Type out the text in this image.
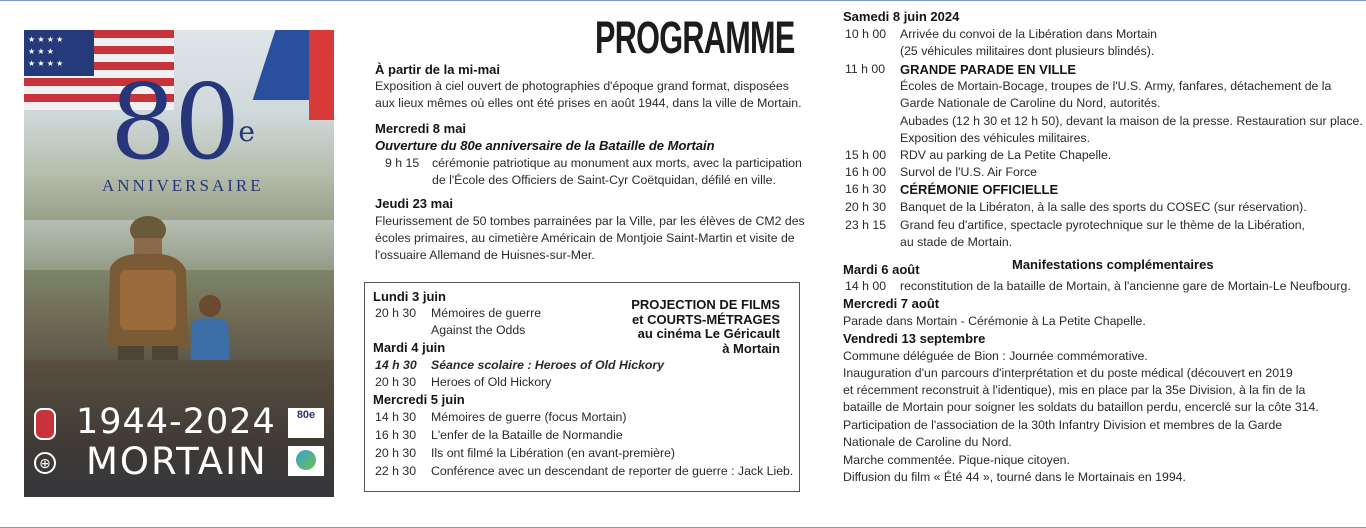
★ ★ ★ ★ ★ ★ ★ ★ ★ ★ ★
80e
ANNIVERSAIRE
⊕
1944-2024
MORTAIN
80e
PROGRAMME
À partir de la mi-mai
Exposition à ciel ouvert de photographies d'époque grand format, disposées
aux lieux mêmes où elles ont été prises en août 1944, dans la ville de Mortain.
Mercredi 8 mai
Ouverture du 80e anniversaire de la Bataille de Mortain
9 h 15 cérémonie patriotique au monument aux morts, avec la participation
de l'École des Officiers de Saint-Cyr Coëtquidan, défilé en ville.
Jeudi 23 mai
Fleurissement de 50 tombes parrainées par la Ville, par les élèves de CM2 des
écoles primaires, au cimetière Américain de Montjoie Saint-Martin et visite de
l'ossuaire Allemand de Huisnes-sur-Mer.
PROJECTION DE FILMS
et COURTS-MÉTRAGES
au cinéma Le Géricault
à Mortain
Lundi 3 juin
20 h 30 Mémoires de guerre
Against the Odds
Mardi 4 juin
14 h 30 Séance scolaire : Heroes of Old Hickory
20 h 30 Heroes of Old Hickory
Mercredi 5 juin
14 h 30 Mémoires de guerre (focus Mortain)
16 h 30 L'enfer de la Bataille de Normandie
20 h 30 Ils ont filmé la Libération (en avant-première)
22 h 30 Conférence avec un descendant de reporter de guerre : Jack Lieb.
Samedi 8 juin 2024
10 h 00 Arrivée du convoi de la Libération dans Mortain
(25 véhicules militaires dont plusieurs blindés).
11 h 00 GRANDE PARADE EN VILLE
Écoles de Mortain-Bocage, troupes de l'U.S. Army, fanfares, détachement de la
Garde Nationale de Caroline du Nord, autorités.
Aubades (12 h 30 et 12 h 50), devant la maison de la presse. Restauration sur place.
Exposition des véhicules militaires.
15 h 00 RDV au parking de La Petite Chapelle.
16 h 00 Survol de l'U.S. Air Force
16 h 30 CÉRÉMONIE OFFICIELLE
20 h 30 Banquet de la Libératon, à la salle des sports du COSEC (sur réservation).
23 h 15 Grand feu d'artifice, spectacle pyrotechnique sur le thème de la Libération,
au stade de Mortain.
Manifestations complémentaires
Mardi 6 août
14 h 00 reconstitution de la bataille de Mortain, à l'ancienne gare de Mortain-Le Neufbourg.
Mercredi 7 août
Parade dans Mortain - Cérémonie à La Petite Chapelle.
Vendredi 13 septembre
Commune déléguée de Bion : Journée commémorative.
Inauguration d'un parcours d'interprétation et du poste médical (découvert en 2019
et récemment reconstruit à l'identique), mis en place par la 35e Division, à la fin de la
bataille de Mortain pour soigner les soldats du bataillon perdu, encerclé sur la côte 314.
Participation de l'association de la 30th Infantry Division et membres de la Garde
Nationale de Caroline du Nord.
Marche commentée. Pique-nique citoyen.
Diffusion du film « Été 44 », tourné dans le Mortainais en 1994.
